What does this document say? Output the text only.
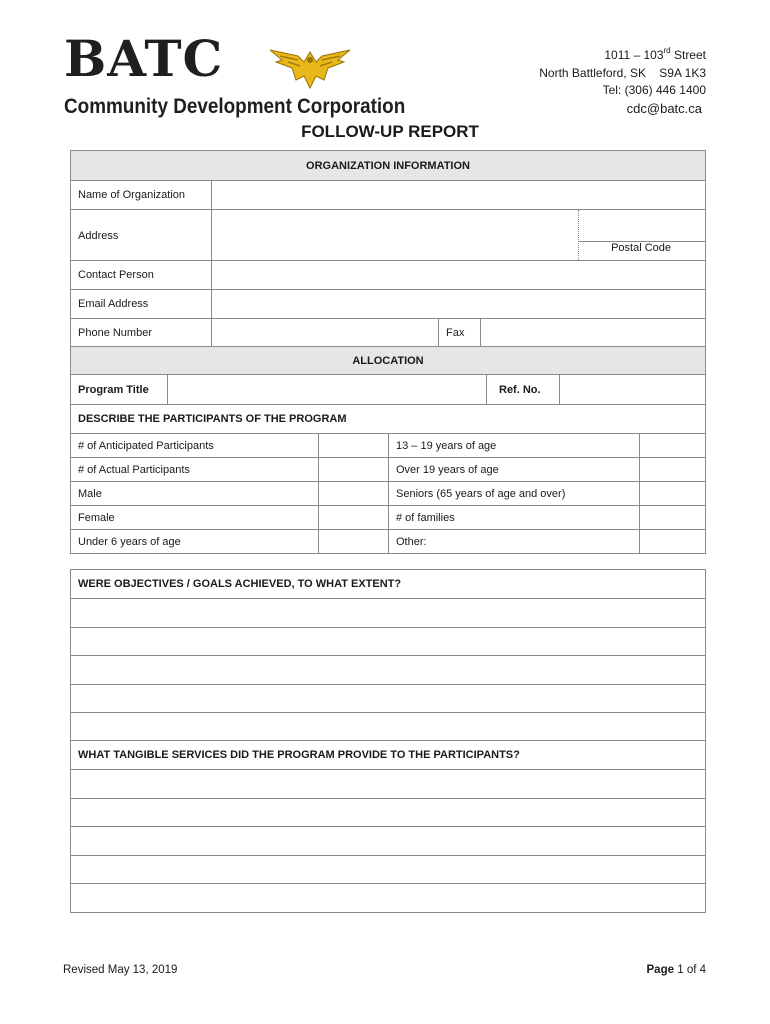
BATC
Community Development Corporation
1011 – 103rd Street
North Battleford, SK    S9A 1K3
Tel: (306) 446 1400
cdc@batc.ca
FOLLOW-UP REPORT
ORGANIZATION INFORMATION
Name of Organization
Address
Postal Code
Contact Person
Email Address
Phone Number	Fax
ALLOCATION
Program Title	Ref. No.
DESCRIBE THE PARTICIPANTS OF THE PROGRAM
# of Anticipated Participants	13 – 19 years of age
# of Actual Participants	Over 19 years of age
Male	Seniors (65 years of age and over)
Female	# of families
Under 6 years of age	Other:
WERE OBJECTIVES / GOALS ACHIEVED, TO WHAT EXTENT?
WHAT TANGIBLE SERVICES DID THE PROGRAM PROVIDE TO THE PARTICIPANTS?
Revised May 13, 2019	Page 1 of 4
